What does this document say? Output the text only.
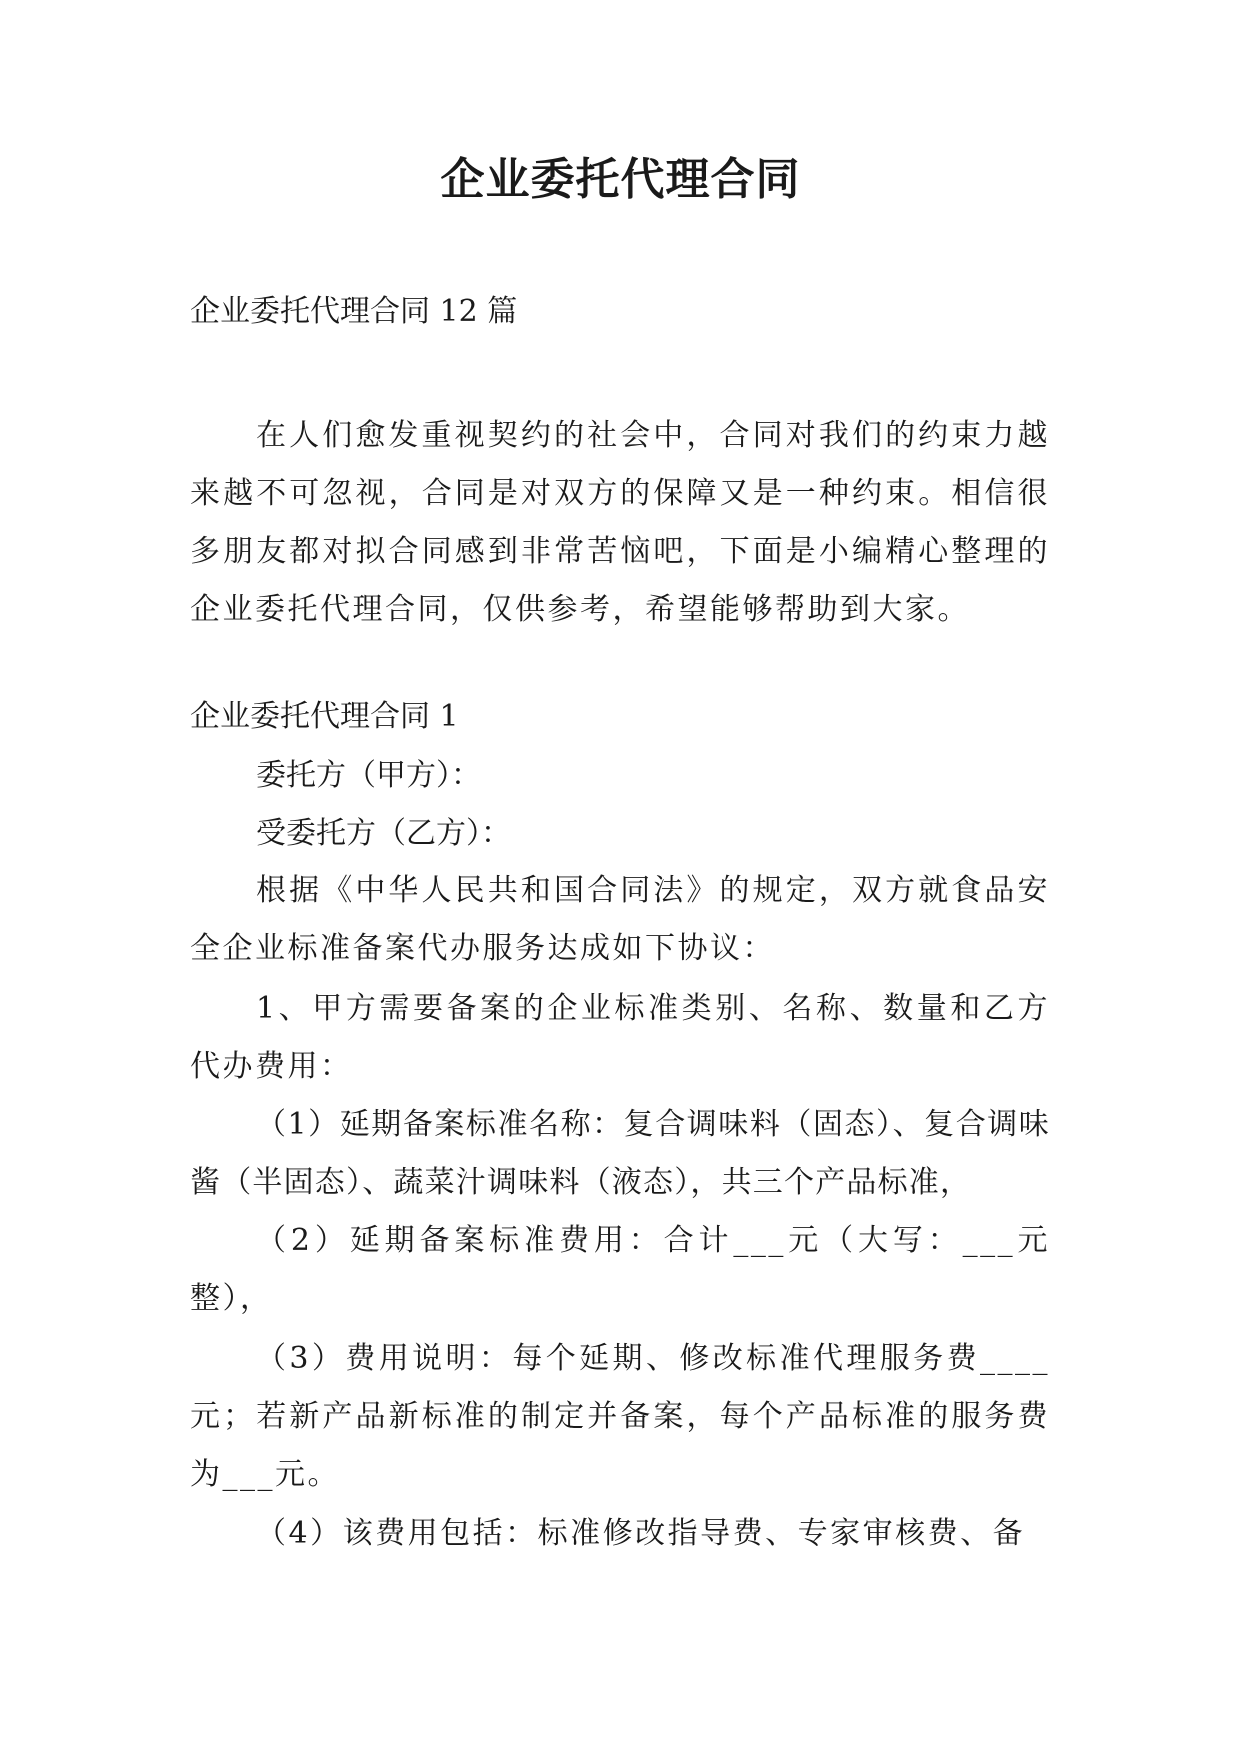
企业委托代理合同
企业委托代理合同 12 篇
在人们愈发重视契约的社会中，合同对我们的约束力越来越不可忽视，合同是对双方的保障又是一种约束。相信很多朋友都对拟合同感到非常苦恼吧，下面是小编精心整理的企业委托代理合同，仅供参考，希望能够帮助到大家。
企业委托代理合同 1
委托方（甲方）：
受委托方（乙方）：
根据《中华人民共和国合同法》的规定，双方就食品安全企业标准备案代办服务达成如下协议：
1、甲方需要备案的企业标准类别、名称、数量和乙方代办费用：
（1）延期备案标准名称：复合调味料（固态）、复合调味酱（半固态）、蔬菜汁调味料（液态），共三个产品标准，
（2）延期备案标准费用：合计___元（大写：___元整），
（3）费用说明：每个延期、修改标准代理服务费____元；若新产品新标准的制定并备案，每个产品标准的服务费为___元。
（4）该费用包括：标准修改指导费、专家审核费、备
